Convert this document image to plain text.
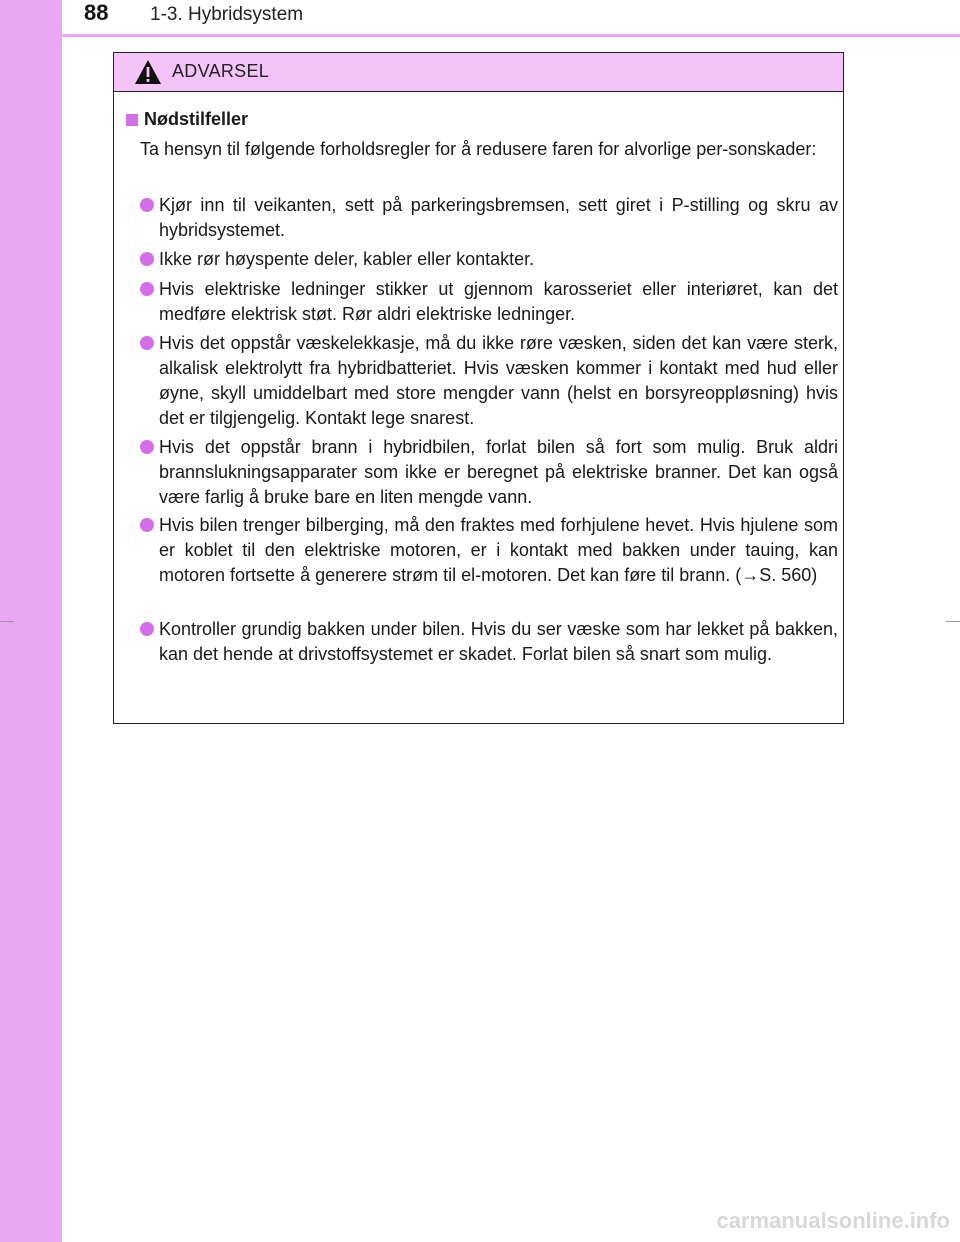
88 1-3. Hybridsystem
ADVARSEL
Nødstilfeller
Ta hensyn til følgende forholdsregler for å redusere faren for alvorlige per-sonskader:
Kjør inn til veikanten, sett på parkeringsbremsen, sett giret i P-stilling og skru av hybridsystemet.
Ikke rør høyspente deler, kabler eller kontakter.
Hvis elektriske ledninger stikker ut gjennom karosseriet eller interiøret, kan det medføre elektrisk støt. Rør aldri elektriske ledninger.
Hvis det oppstår væskelekkasje, må du ikke røre væsken, siden det kan være sterk, alkalisk elektrolytt fra hybridbatteriet. Hvis væsken kommer i kontakt med hud eller øyne, skyll umiddelbart med store mengder vann (helst en borsyreoppløsning) hvis det er tilgjengelig. Kontakt lege snarest.
Hvis det oppstår brann i hybridbilen, forlat bilen så fort som mulig. Bruk aldri brannslukningsapparater som ikke er beregnet på elektriske branner. Det kan også være farlig å bruke bare en liten mengde vann.
Hvis bilen trenger bilberging, må den fraktes med forhjulene hevet. Hvis hjulene som er koblet til den elektriske motoren, er i kontakt med bakken under tauing, kan motoren fortsette å generere strøm til el-motoren. Det kan føre til brann. (→S. 560)
Kontroller grundig bakken under bilen. Hvis du ser væske som har lekket på bakken, kan det hende at drivstoffsystemet er skadet. Forlat bilen så snart som mulig.
carmanualsonline.info
